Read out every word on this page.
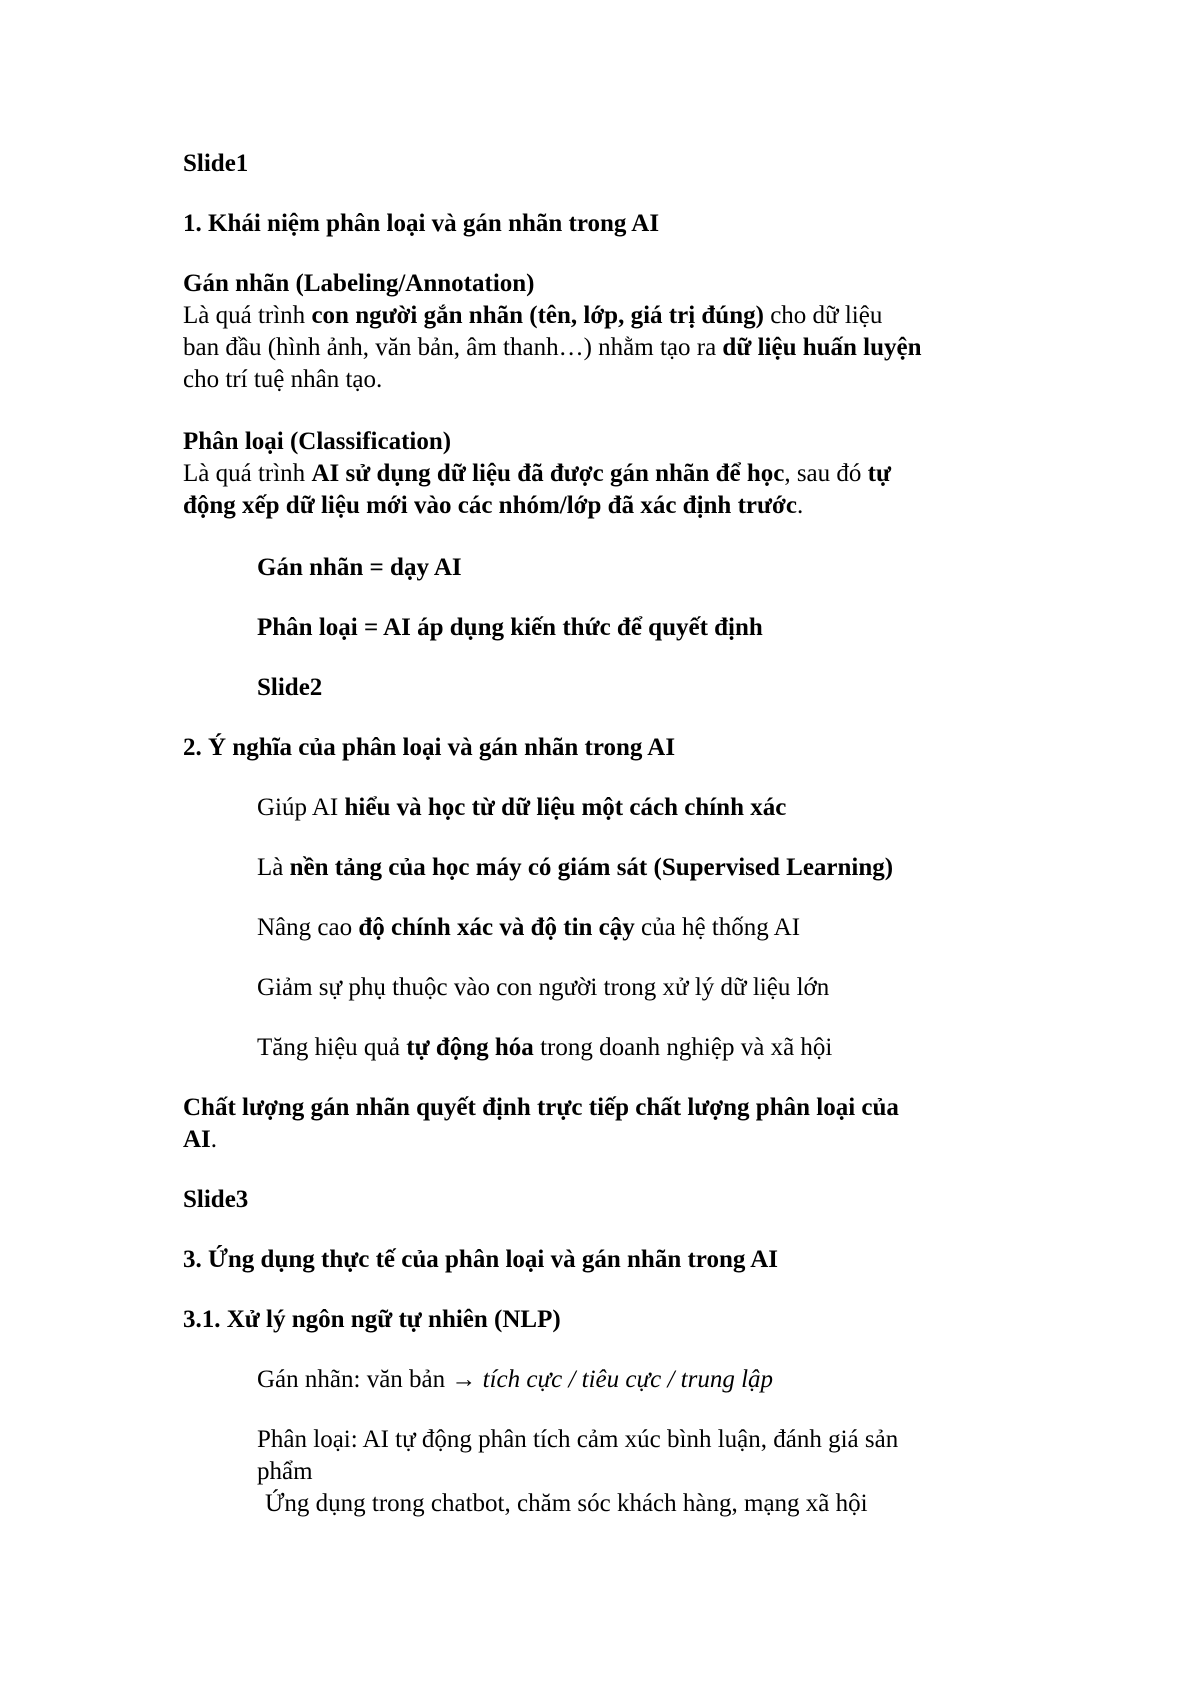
Slide1
1. Khái niệm phân loại và gán nhãn trong AI
Gán nhãn (Labeling/Annotation)
Là quá trình con người gắn nhãn (tên, lớp, giá trị đúng) cho dữ liệu
ban đầu (hình ảnh, văn bản, âm thanh…) nhằm tạo ra dữ liệu huấn luyện
cho trí tuệ nhân tạo.
Phân loại (Classification)
Là quá trình AI sử dụng dữ liệu đã được gán nhãn để học, sau đó tự
động xếp dữ liệu mới vào các nhóm/lớp đã xác định trước.
Gán nhãn = dạy AI
Phân loại = AI áp dụng kiến thức để quyết định
Slide2
2. Ý nghĩa của phân loại và gán nhãn trong AI
Giúp AI hiểu và học từ dữ liệu một cách chính xác
Là nền tảng của học máy có giám sát (Supervised Learning)
Nâng cao độ chính xác và độ tin cậy của hệ thống AI
Giảm sự phụ thuộc vào con người trong xử lý dữ liệu lớn
Tăng hiệu quả tự động hóa trong doanh nghiệp và xã hội
Chất lượng gán nhãn quyết định trực tiếp chất lượng phân loại của
AI.
Slide3
3. Ứng dụng thực tế của phân loại và gán nhãn trong AI
3.1. Xử lý ngôn ngữ tự nhiên (NLP)
Gán nhãn: văn bản → tích cực / tiêu cực / trung lập
Phân loại: AI tự động phân tích cảm xúc bình luận, đánh giá sản
phẩm
Ứng dụng trong chatbot, chăm sóc khách hàng, mạng xã hội
